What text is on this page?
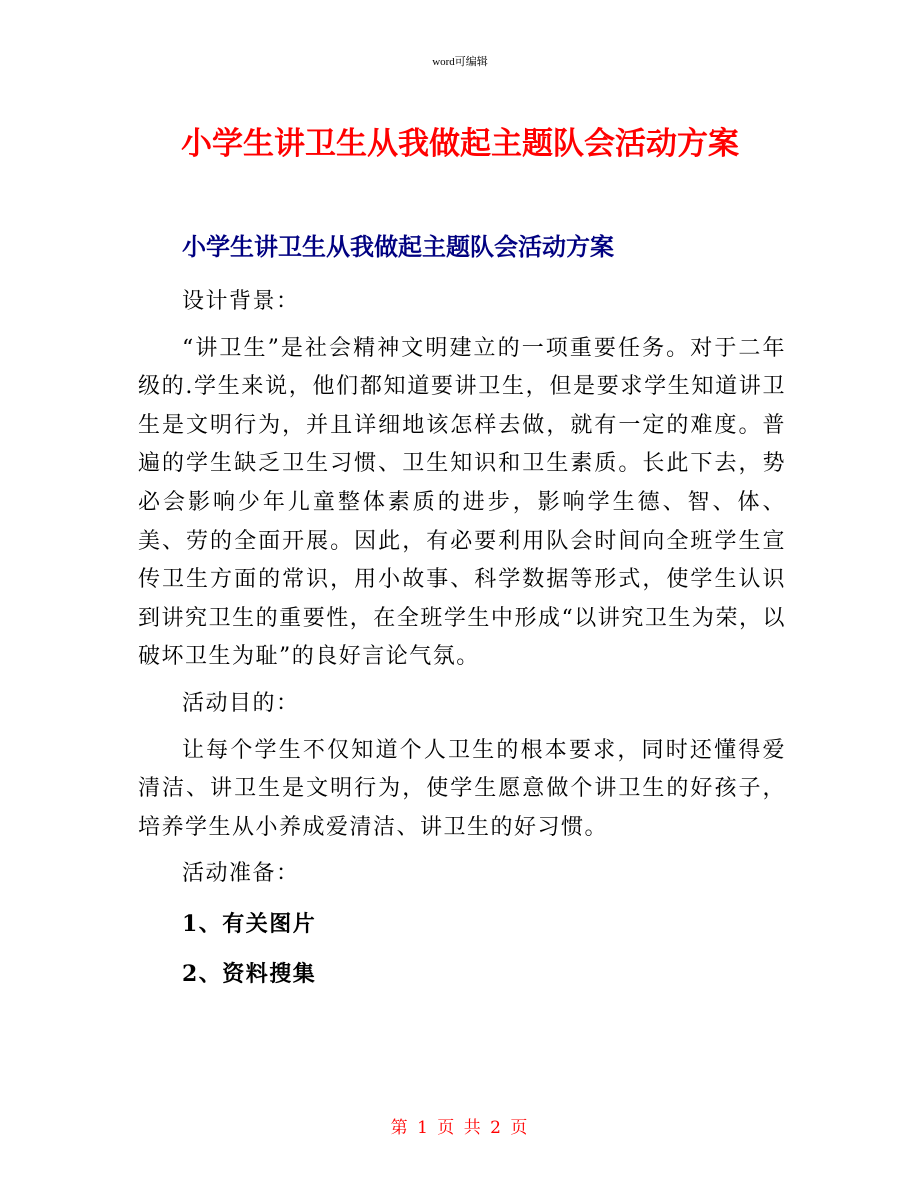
word可编辑
小学生讲卫生从我做起主题队会活动方案
小学生讲卫生从我做起主题队会活动方案

设计背景：

“讲卫生”是社会精神文明建立的一项重要任务。对于二年级的.学生来说，他们都知道要讲卫生，但是要求学生知道讲卫生是文明行为，并且详细地该怎样去做，就有一定的难度。普遍的学生缺乏卫生习惯、卫生知识和卫生素质。长此下去，势必会影响少年儿童整体素质的进步，影响学生德、智、体、美、劳的全面开展。因此，有必要利用队会时间向全班学生宣传卫生方面的常识，用小故事、科学数据等形式，使学生认识到讲究卫生的重要性，在全班学生中形成“以讲究卫生为荣，以破坏卫生为耻”的良好言论气氛。

活动目的：

让每个学生不仅知道个人卫生的根本要求，同时还懂得爱清洁、讲卫生是文明行为，使学生愿意做个讲卫生的好孩子，培养学生从小养成爱清洁、讲卫生的好习惯。

活动准备：

1、有关图片

2、资料搜集

第 1 页 共 2 页
